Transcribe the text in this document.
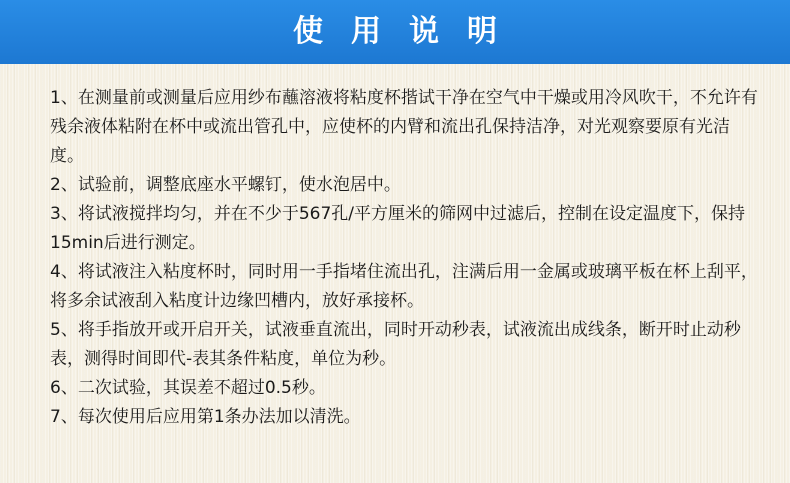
使用说明

1、在测量前或测量后应用纱布蘸溶液将粘度杯揩试干净在空气中干燥或用冷风吹干，不允许有残余液体粘附在杯中或流出管孔中，应使杯的内臂和流出孔保持洁净，对光观察要原有光洁度。

2、试验前，调整底座水平螺钉，使水泡居中。

3、将试液搅拌均匀，并在不少于567孔/平方厘米的筛网中过滤后，控制在设定温度下，保持15min后进行测定。

4、将试液注入粘度杯时，同时用一手指堵住流出孔，注满后用一金属或玻璃平板在杯上刮平，将多余试液刮入粘度计边缘凹槽内，放好承接杯。

5、将手指放开或开启开关，试液垂直流出，同时开动秒表，试液流出成线条，断开时止动秒表，测得时间即代-表其条件粘度，单位为秒。

6、二次试验，其误差不超过0.5秒。

7、每次使用后应用第1条办法加以清洗。
